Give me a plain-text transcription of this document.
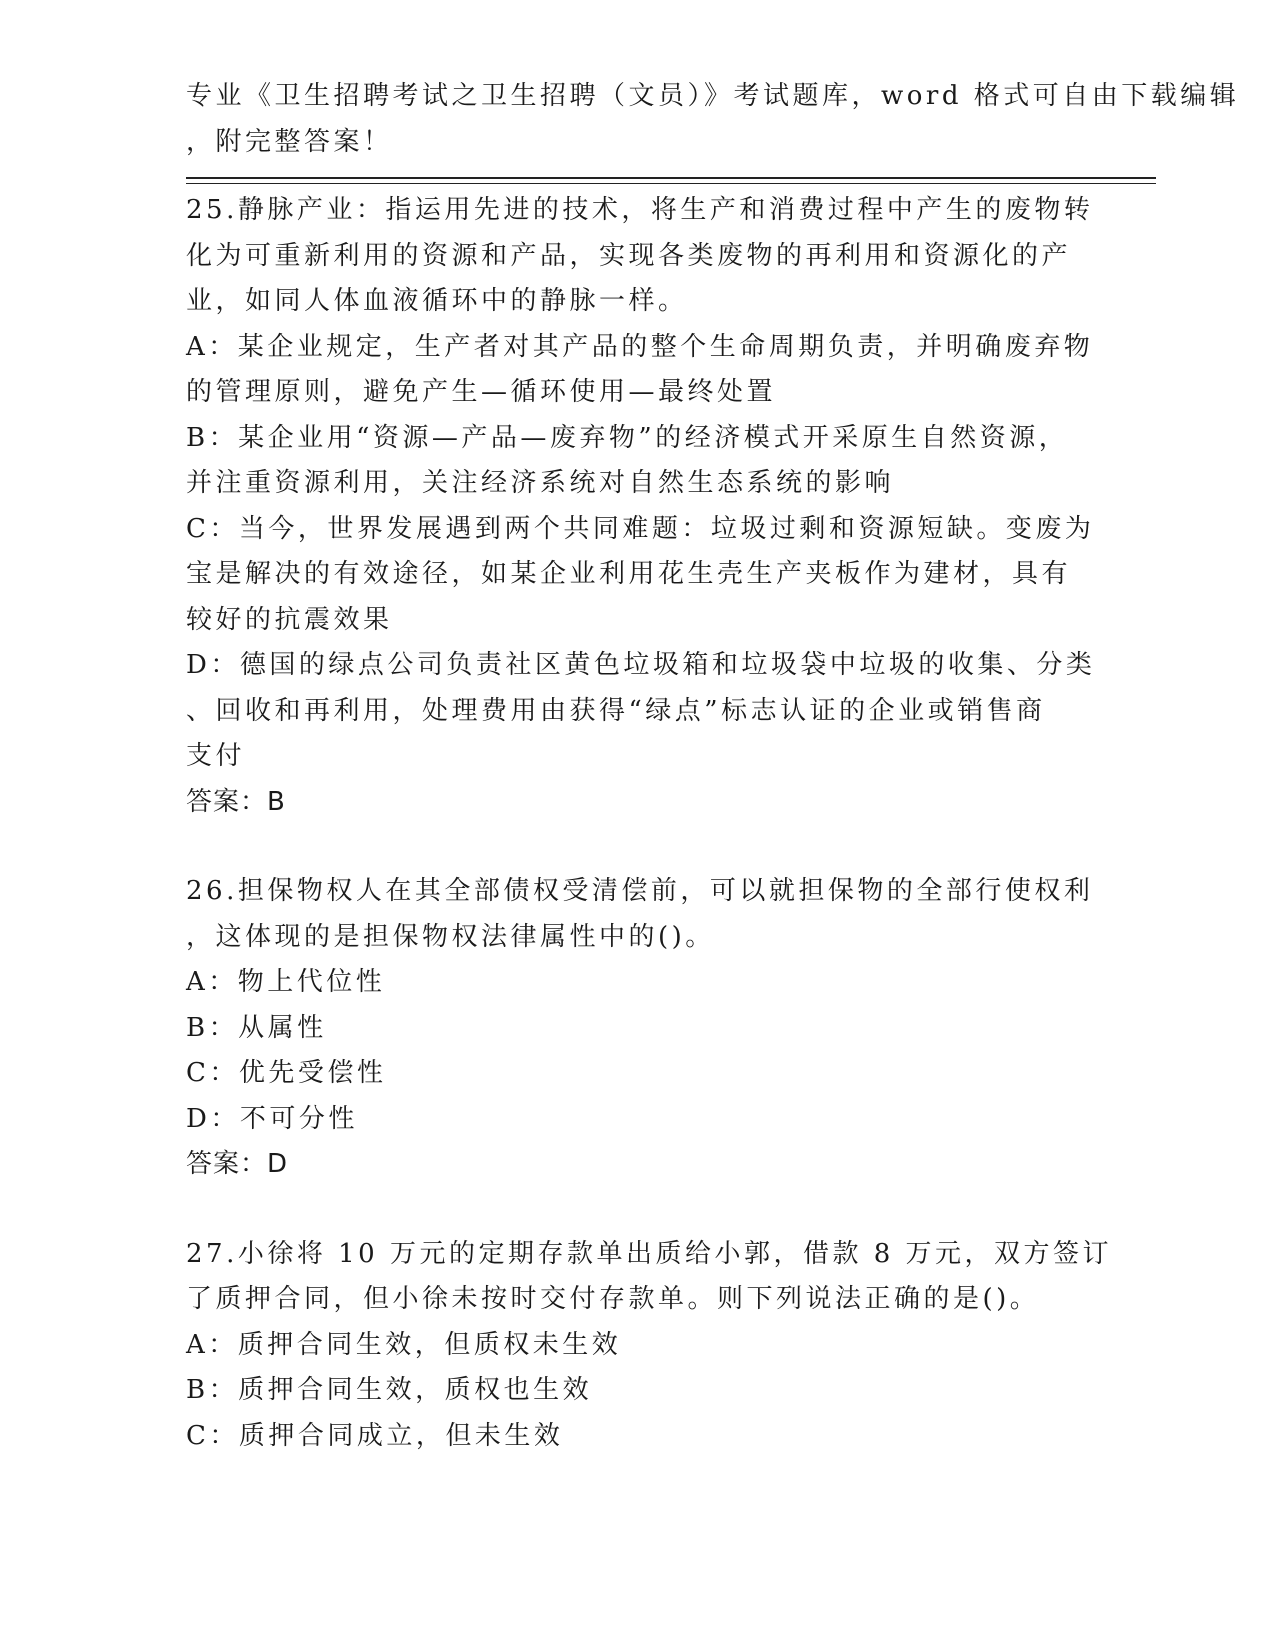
专业《卫生招聘考试之卫生招聘（文员）》考试题库，word 格式可自由下载编辑
，附完整答案！
25.静脉产业：指运用先进的技术，将生产和消费过程中产生的废物转
化为可重新利用的资源和产品，实现各类废物的再利用和资源化的产
业，如同人体血液循环中的静脉一样。
A：某企业规定，生产者对其产品的整个生命周期负责，并明确废弃物
的管理原则，避免产生—循环使用—最终处置
B：某企业用“资源—产品—废弃物”的经济模式开采原生自然资源，
并注重资源利用，关注经济系统对自然生态系统的影响
C：当今，世界发展遇到两个共同难题：垃圾过剩和资源短缺。变废为
宝是解决的有效途径，如某企业利用花生壳生产夹板作为建材，具有
较好的抗震效果
D：德国的绿点公司负责社区黄色垃圾箱和垃圾袋中垃圾的收集、分类
、回收和再利用，处理费用由获得“绿点”标志认证的企业或销售商
支付
答案：B
26.担保物权人在其全部债权受清偿前，可以就担保物的全部行使权利
，这体现的是担保物权法律属性中的()。
A：物上代位性
B：从属性
C：优先受偿性
D：不可分性
答案：D
27.小徐将 10 万元的定期存款单出质给小郭，借款 8 万元，双方签订
了质押合同，但小徐未按时交付存款单。则下列说法正确的是()。
A：质押合同生效，但质权未生效
B：质押合同生效，质权也生效
C：质押合同成立，但未生效
